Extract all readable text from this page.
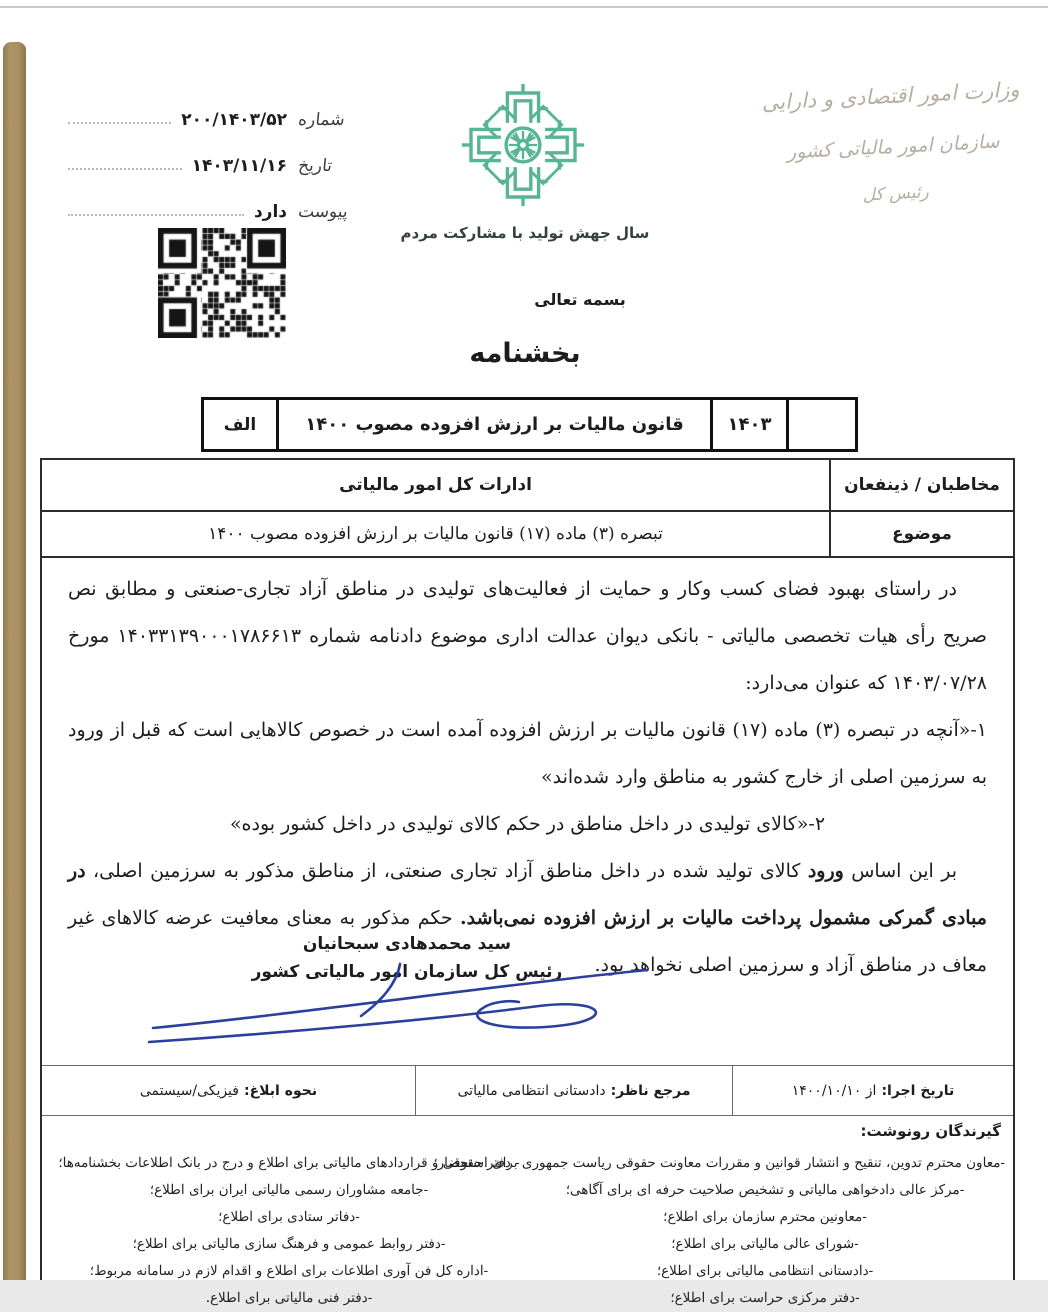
وزارت امور اقتصادی و دارایی
سازمان امور مالیاتی کشور
رئیس کل
شماره
۲۰۰/۱۴۰۳/۵۲
تاریخ
۱۴۰۳/۱۱/۱۶
پیوست
دارد
سال جهش تولید با مشارکت مردم
بسمه تعالی
بخشنامه
الف	قانون مالیات بر ارزش افزوده مصوب ۱۴۰۰	۱۴۰۳
مخاطبان / ذینفعان
ادارات کل امور مالیاتی
موضوع
تبصره (۳) ماده (۱۷) قانون مالیات بر ارزش افزوده مصوب ۱۴۰۰
در راستای بهبود فضای کسب وکار و حمایت از فعالیت‌های تولیدی در مناطق آزاد تجاری-صنعتی و مطابق نص صریح رأی هیات تخصصی مالیاتی - بانکی دیوان عدالت اداری موضوع دادنامه شماره ۱۴۰۳۳۱۳۹۰۰۰۱۷۸۶۶۱۳ مورخ ۱۴۰۳/۰۷/۲۸ که عنوان می‌دارد:
۱-«آنچه در تبصره (۳) ماده (۱۷) قانون مالیات بر ارزش افزوده آمده است در خصوص کالاهایی است که قبل از ورود به سرزمین اصلی از خارج کشور به مناطق وارد شده‌اند»
۲-«کالای تولیدی در داخل مناطق در حکم کالای تولیدی در داخل کشور بوده»
بر این اساس ورود کالای تولید شده در داخل مناطق آزاد تجاری صنعتی، از مناطق مذکور به سرزمین اصلی، در مبادی گمرکی مشمول پرداخت مالیات بر ارزش افزوده نمی‌باشد. حکم مذکور به معنای معافیت عرضه کالاهای غیر معاف در مناطق آزاد و سرزمین اصلی نخواهد بود.
سید محمدهادی سبحانیان
رئیس کل سازمان امور مالیاتی کشور
تاریخ اجرا:
از ۱۴۰۰/۱۰/۱۰
مرجع ناظر:
دادستانی انتظامی مالیاتی
نحوه ابلاغ:
فیزیکی/سیستمی
گیرندگان رونوشت:
-معاون محترم تدوین، تنقیح و انتشار قوانین و مقررات معاونت حقوقی ریاست جمهوری برای استحضار؛
-مرکز عالی دادخواهی مالیاتی و تشخیص صلاحیت حرفه ای برای آگاهی؛
-معاونین محترم سازمان برای اطلاع؛
-شورای عالی مالیاتی برای اطلاع؛
-دادستانی انتظامی مالیاتی برای اطلاع؛
-دفتر مرکزی حراست برای اطلاع؛
- دفتر حقوقی و قراردادهای مالیاتی برای اطلاع و درج در بانک اطلاعات بخشنامه‌ها؛
-جامعه مشاوران رسمی مالیاتی ایران برای اطلاع؛
-دفاتر ستادی برای اطلاع؛
-دفتر روابط عمومی و فرهنگ سازی مالیاتی برای اطلاع؛
-اداره کل فن آوری اطلاعات برای اطلاع و اقدام لازم در سامانه مربوط؛
-دفتر فنی مالیاتی برای اطلاع.
